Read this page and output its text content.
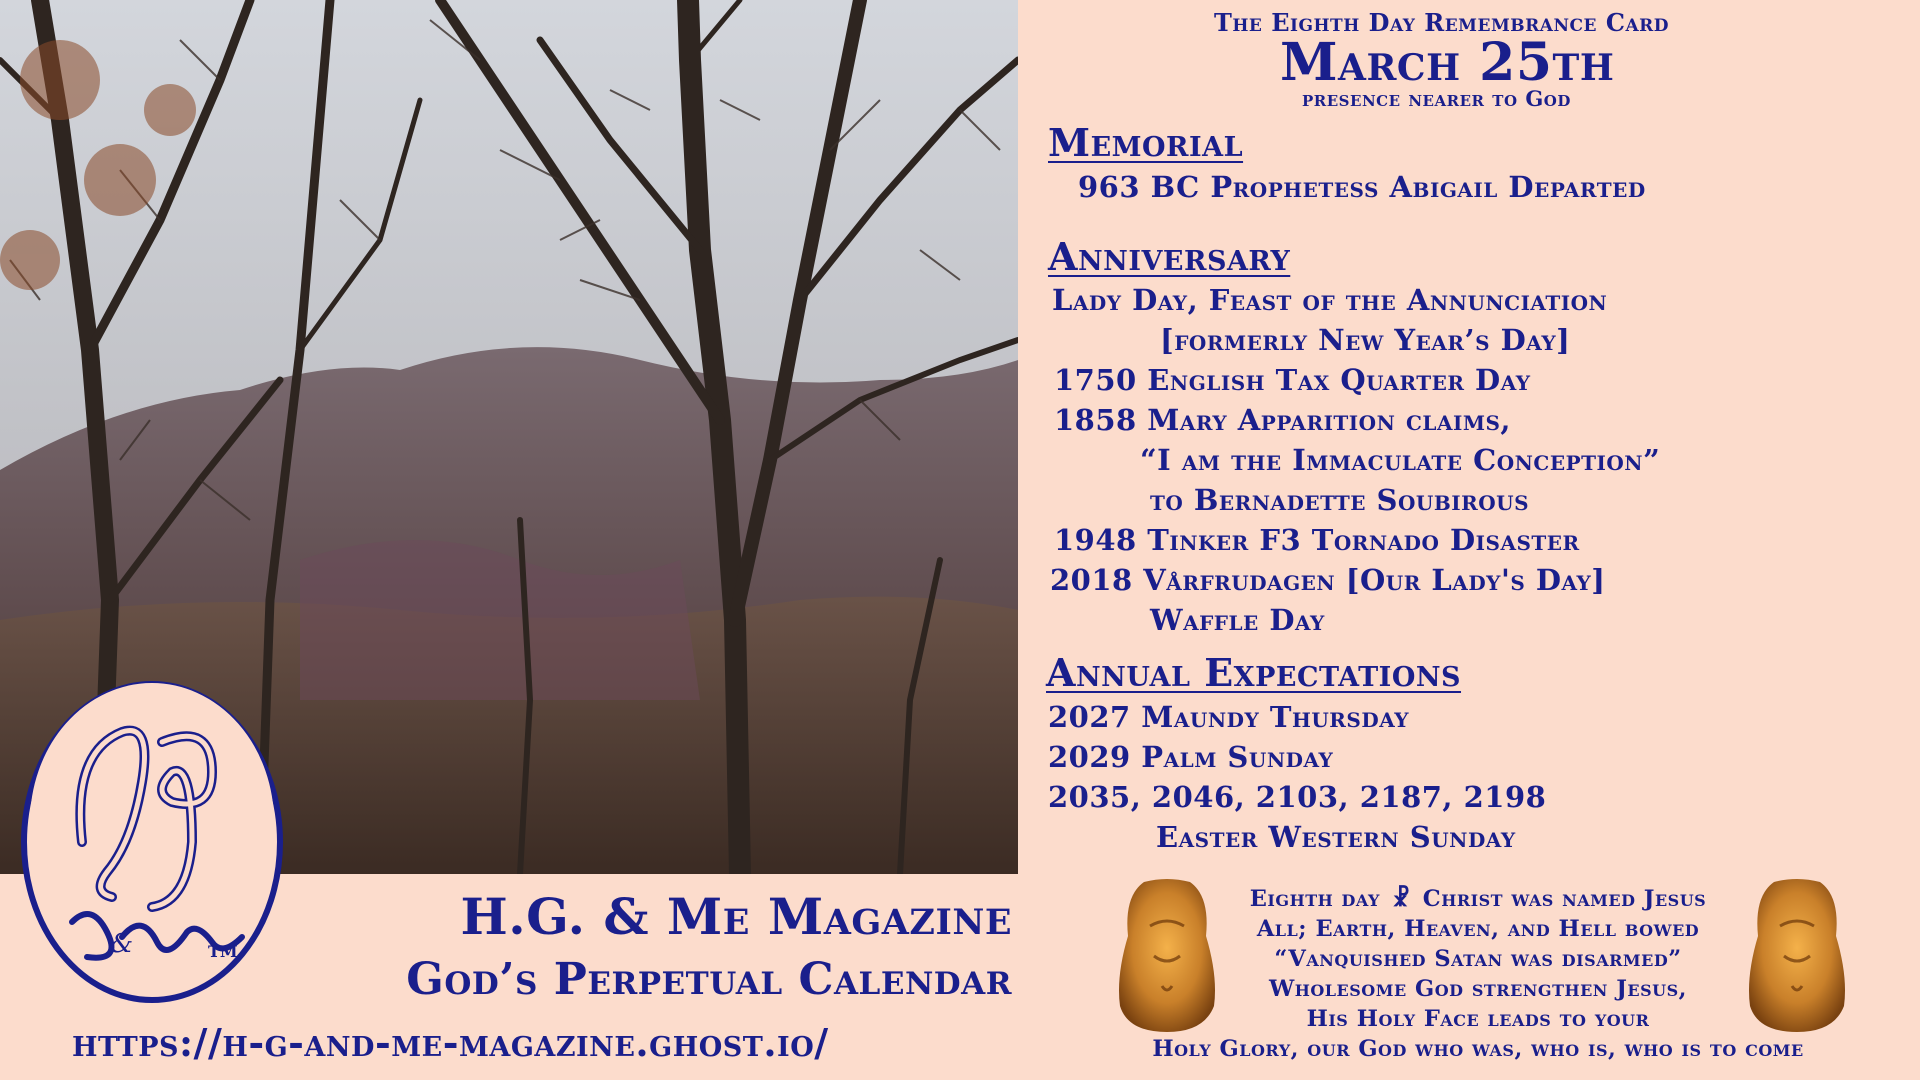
H.G. & Me Magazine
God’s Perpetual Calendar
https://h-g-and-me-magazine.ghost.io/
&	TM
The Eighth Day Remembrance Card
March 25th
presence nearer to God
Memorial
963 BC Prophetess Abigail Departed
Anniversary
Lady Day, Feast of the Annunciation
[formerly New Year’s Day]
1750 English Tax Quarter Day
1858 Mary Apparition claims,
“I am the Immaculate Conception”
to Bernadette Soubirous
1948 Tinker F3 Tornado Disaster
2018 Vårfrudagen [Our Lady's Day]
Waffle Day
Annual Expectations
2027 Maundy Thursday
2029 Palm Sunday
2035, 2046, 2103, 2187, 2198
Easter Western Sunday
Eighth day ☧ Christ was named Jesus
All; Earth, Heaven, and Hell bowed
“Vanquished Satan was disarmed”
Wholesome God strengthen Jesus,
His Holy Face leads to your
Holy Glory, our God who was, who is, who is to come
